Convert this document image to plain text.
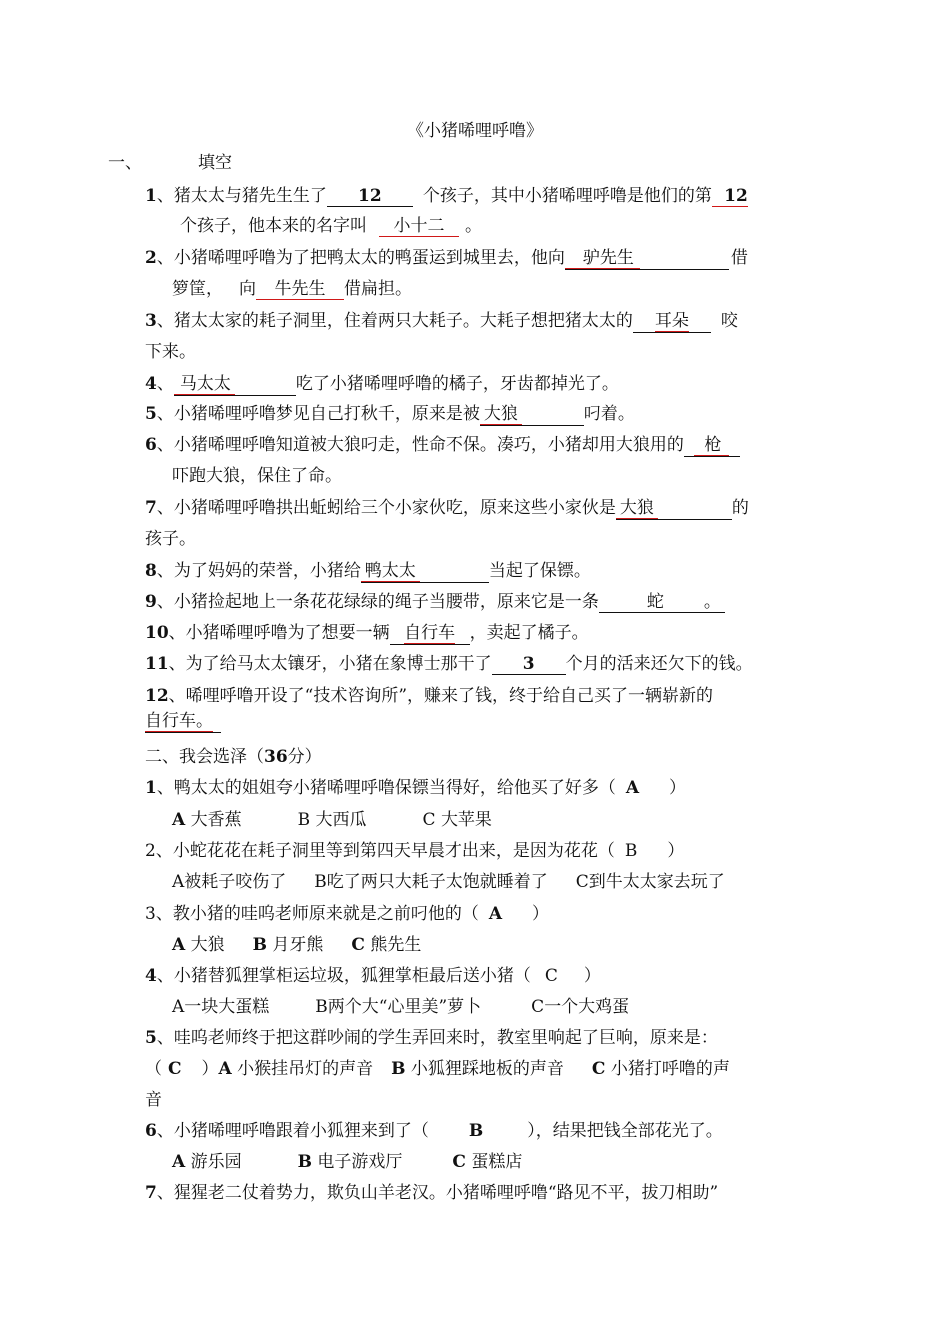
《小猪唏哩呼噜》
一、	填空
1、猪太太与猪先生生了 12 个孩子，其中小猪唏哩呼噜是他们的第 12
个孩子，他本来的名字叫 小十二 。
2、小猪唏哩呼噜为了把鸭太太的鸭蛋运到城里去，他向 驴先生	借
箩筐， 向 牛先生 借扁担。
3、猪太太家的耗子洞里，住着两只大耗子。大耗子想把猪太太的 耳朵 咬
下来。
4、 马太太	吃了小猪唏哩呼噜的橘子，牙齿都掉光了。
5、小猪唏哩呼噜梦见自己打秋千，原来是被 大狼	叼着。
6、小猪唏哩呼噜知道被大狼叼走，性命不保。凑巧，小猪却用大狼用的 枪
吓跑大狼，保住了命。
7、小猪唏哩呼噜拱出蚯蚓给三个小家伙吃，原来这些小家伙是 大狼	的
孩子。
8、为了妈妈的荣誉，小猪给 鸭太太	当起了保镖。
9、小猪捡起地上一条花花绿绿的绳子当腰带，原来它是一条	蛇 。
10、小猪唏哩呼噜为了想要一辆 自行车 ，卖起了橘子。
11、为了给马太太镶牙，小猪在象博士那干了 3 个月的活来还欠下的钱。
12、唏哩呼噜开设了“技术咨询所”，赚来了钱，终于给自己买了一辆崭新的
自行车。
二、我会选泽（36分）
1、鸭太太的姐姐夸小猪唏哩呼噜保镖当得好，给他买了好多（ A ）
A 大香蕉	B 大西瓜	C 大苹果
2、小蛇花花在耗子洞里等到第四天早晨才出来，是因为花花（ B ）
A被耗子咬伤了 B吃了两只大耗子太饱就睡着了 C到牛太太家去玩了
3、教小猪的哇呜老师原来就是之前叼他的（ A ）
A 大狼 B 月牙熊 C 熊先生
4、小猪替狐狸掌柜运垃圾，狐狸掌柜最后送小猪（ C ）
A一块大蛋糕	B两个大“心里美”萝卜	C一个大鸡蛋
5、哇呜老师终于把这群吵闹的学生弄回来时，教室里响起了巨响，原来是：
（ C ）A 小猴挂吊灯的声音 B 小狐狸踩地板的声音 C 小猪打呼噜的声
音
6、小猪唏哩呼噜跟着小狐狸来到了（ B	），结果把钱全部花光了。
A 游乐园	B 电子游戏厅	C 蛋糕店
7、猩猩老二仗着势力，欺负山羊老汉。小猪唏哩呼噜“路见不平，拔刀相助”
